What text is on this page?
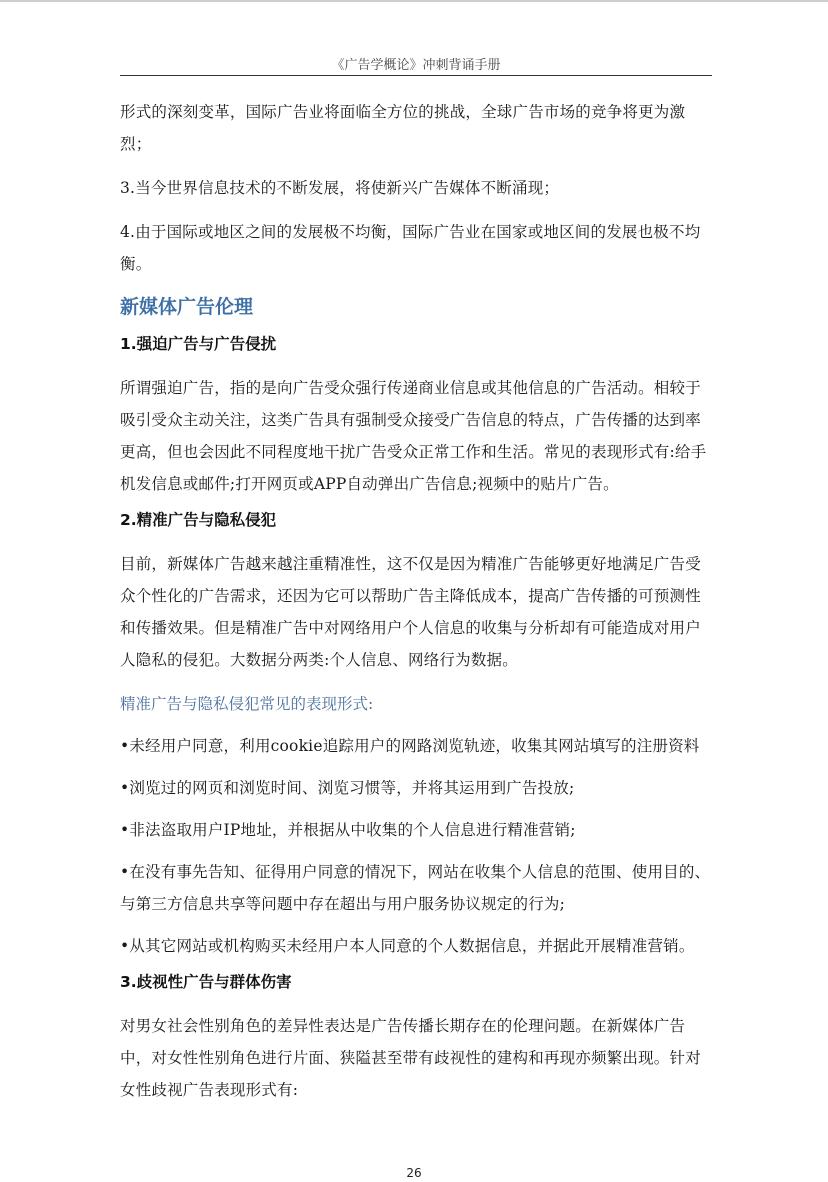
《广告学概论》冲刺背诵手册

形式的深刻变革，国际广告业将面临全方位的挑战，全球广告市场的竞争将更为激烈；

3.当今世界信息技术的不断发展，将使新兴广告媒体不断涌现；

4.由于国际或地区之间的发展极不均衡，国际广告业在国家或地区间的发展也极不均衡。

新媒体广告伦理
1.强迫广告与广告侵扰

所谓强迫广告，指的是向广告受众强行传递商业信息或其他信息的广告活动。相较于吸引受众主动关注，这类广告具有强制受众接受广告信息的特点，广告传播的达到率更高，但也会因此不同程度地干扰广告受众正常工作和生活。常见的表现形式有:给手机发信息或邮件;打开网页或APP自动弹出广告信息;视频中的贴片广告。

2.精准广告与隐私侵犯

目前，新媒体广告越来越注重精准性，这不仅是因为精准广告能够更好地满足广告受众个性化的广告需求，还因为它可以帮助广告主降低成本，提高广告传播的可预测性和传播效果。但是精准广告中对网络用户个人信息的收集与分析却有可能造成对用户人隐私的侵犯。大数据分两类:个人信息、网络行为数据。

精准广告与隐私侵犯常见的表现形式:

•未经用户同意，利用cookie追踪用户的网路浏览轨迹，收集其网站填写的注册资料

•浏览过的网页和浏览时间、浏览习惯等，并将其运用到广告投放;

•非法盗取用户IP地址，并根据从中收集的个人信息进行精准营销;

•在没有事先告知、征得用户同意的情况下，网站在收集个人信息的范围、使用目的、与第三方信息共享等问题中存在超出与用户服务协议规定的行为;

•从其它网站或机构购买未经用户本人同意的个人数据信息，并据此开展精准营销。

3.歧视性广告与群体伤害

对男女社会性别角色的差异性表达是广告传播长期存在的伦理问题。在新媒体广告中，对女性性别角色进行片面、狭隘甚至带有歧视性的建构和再现亦频繁出现。针对女性歧视广告表现形式有:

26
